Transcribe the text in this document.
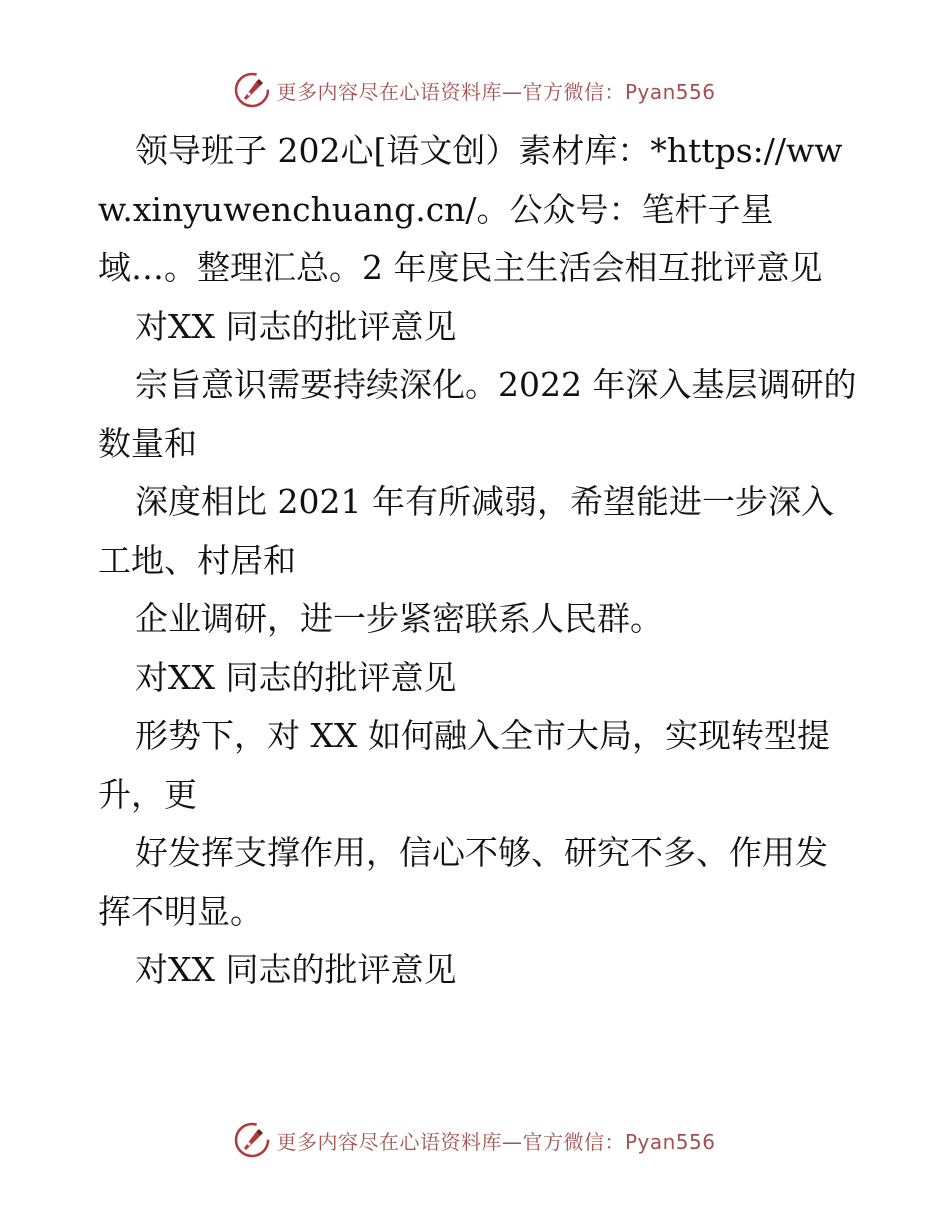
更多内容尽在心语资料库—官方微信：Pyan556

领导班子 202心[语文创）素材库：*https://www.xinyuwenchuang.cn/。公众号：笔杆子星域…。整理汇总。2 年度民主生活会相互批评意见

对XX 同志的批评意见

宗旨意识需要持续深化。2022 年深入基层调研的数量和

深度相比 2021 年有所减弱，希望能进一步深入工地、村居和

企业调研，进一步紧密联系人民群。

对XX 同志的批评意见

形势下，对 XX 如何融入全市大局，实现转型提升，更

好发挥支撑作用，信心不够、研究不多、作用发挥不明显。

对XX 同志的批评意见

更多内容尽在心语资料库—官方微信：Pyan556
